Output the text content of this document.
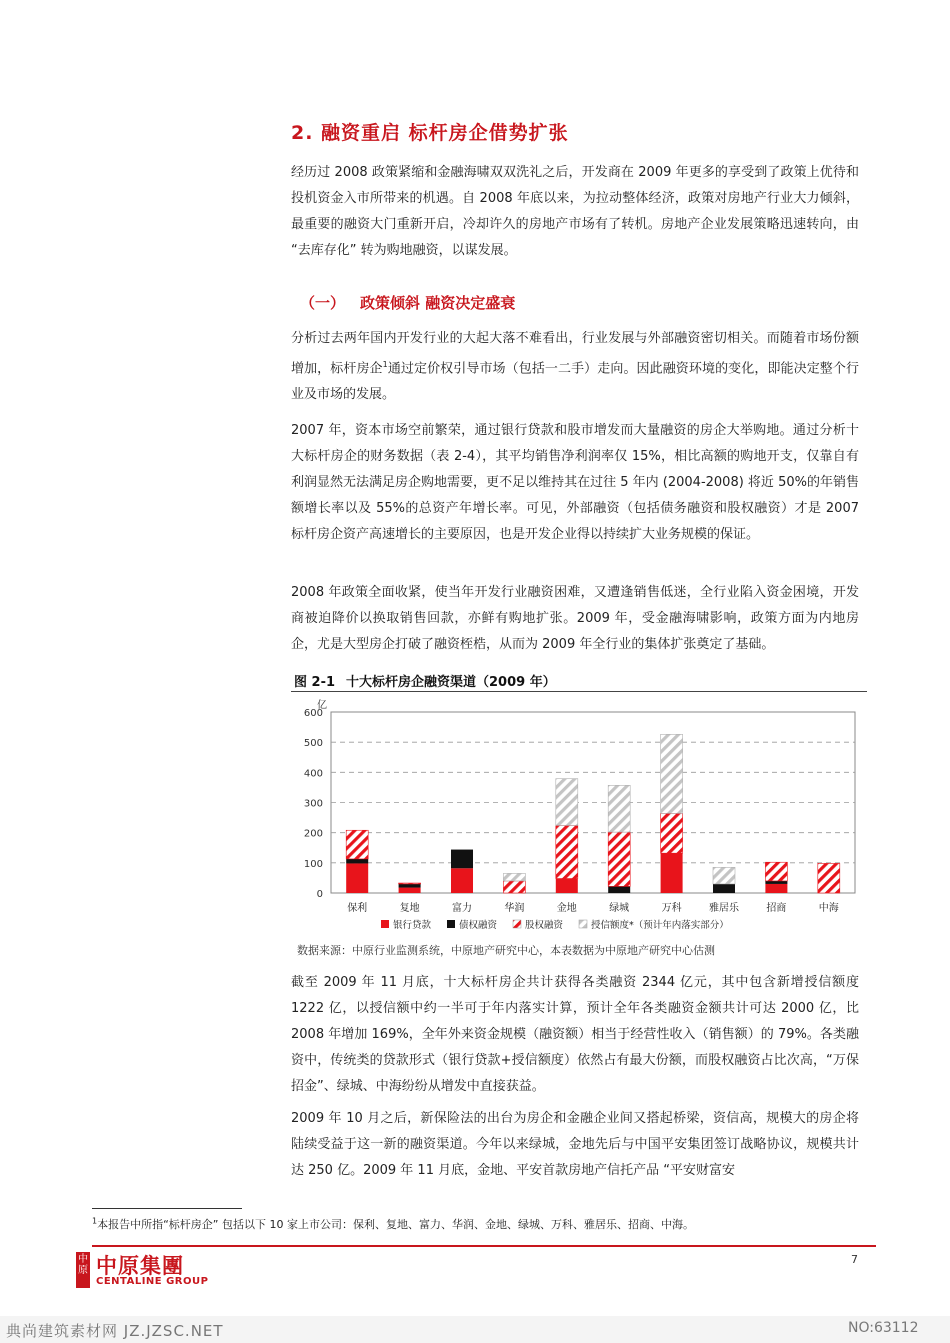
2. 融资重启 标杆房企借势扩张
经历过 2008 政策紧缩和金融海啸双双洗礼之后，开发商在 2009 年更多的享受到了政策上优待和投机资金入市所带来的机遇。自 2008 年底以来，为拉动整体经济，政策对房地产行业大力倾斜，最重要的融资大门重新开启，冷却许久的房地产市场有了转机。房地产企业发展策略迅速转向，由 “去库存化” 转为购地融资，以谋发展。
（一） 政策倾斜 融资决定盛衰
分析过去两年国内开发行业的大起大落不难看出，行业发展与外部融资密切相关。而随着市场份额增加，标杆房企$^1$通过定价权引导市场（包括一二手）走向。因此融资环境的变化，即能决定整个行业及市场的发展。
2007 年，资本市场空前繁荣，通过银行贷款和股市增发而大量融资的房企大举购地。通过分析十大标杆房企的财务数据（表 2-4），其平均销售净利润率仅 15%，相比高额的购地开支，仅靠自有利润显然无法满足房企购地需要，更不足以维持其在过往 5 年内 (2004-2008) 将近 50%的年销售额增长率以及 55%的总资产年增长率。可见，外部融资（包括债务融资和股权融资）才是 2007 标杆房企资产高速增长的主要原因，也是开发企业得以持续扩大业务规模的保证。
2008 年政策全面收紧，使当年开发行业融资困难，又遭逢销售低迷，全行业陷入资金困境，开发商被迫降价以换取销售回款，亦鲜有购地扩张。2009 年，受金融海啸影响，政策方面为内地房企，尤是大型房企打破了融资桎梏，从而为 2009 年全行业的集体扩张奠定了基础。
图 2-1 十大标杆房企融资渠道（2009 年）
0
100
200
300
400
500
600
亿
保利	复地	富力	华润	金地	绿城	万科	雅居乐	招商	中海
银行贷款	债权融资	股权融资	授信额度*（预计年内落实部分）
数据来源：中原行业监测系统，中原地产研究中心，本表数据为中原地产研究中心估测
截至 2009 年 11 月底，十大标杆房企共计获得各类融资 2344 亿元，其中包含新增授信额度 1222 亿，以授信额中约一半可于年内落实计算，预计全年各类融资金额共计可达 2000 亿，比 2008 年增加 169%，全年外来资金规模（融资额）相当于经营性收入（销售额）的 79%。各类融资中，传统类的贷款形式（银行贷款+授信额度）依然占有最大份额，而股权融资占比次高，“万保招金”、绿城、中海纷纷从增发中直接获益。
2009 年 10 月之后，新保险法的出台为房企和金融企业间又搭起桥梁，资信高，规模大的房企将陆续受益于这一新的融资渠道。今年以来绿城，金地先后与中国平安集团签订战略协议，规模共计达 250 亿。2009 年 11 月底，金地、平安首款房地产信托产品 “平安财富安
$^1$本报告中所指“标杆房企” 包括以下 10 家上市公司：保利、复地、富力、华润、金地、绿城、万科、雅居乐、招商、中海。
中原 中原集團
CENTALINE GROUP
7
典尚建筑素材网 JZ.JZSC.NET	NO:63112
